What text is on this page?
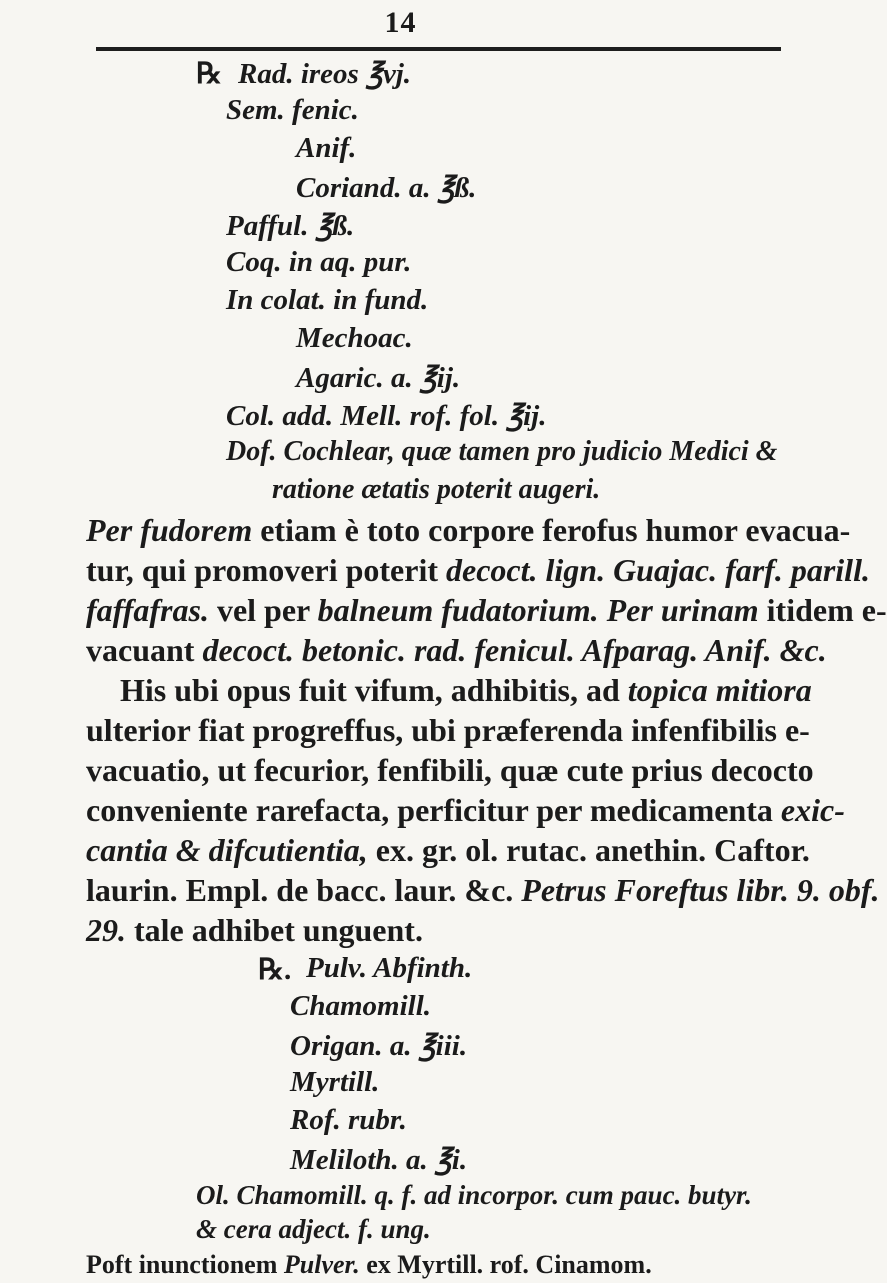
14
℞ Rad. ireos ℥vj.
Sem. fenic.
Anif.
Coriand. a. ℥ß.
Pafful. ℥ß.
Coq. in aq. pur.
In colat. in fund.
Mechoac.
Agaric. a. ℥ij.
Col. add. Mell. rof. fol. ℥ij.
Dof. Cochlear, quæ tamen pro judicio Medici &
ratione ætatis poterit augeri.
Per fudorem etiam è toto corpore ferofus humor evacua-
tur, qui promoveri poterit decoct. lign. Guajac. farf. parill.
faffafras. vel per balneum fudatorium. Per urinam itidem e-
vacuant decoct. betonic. rad. fenicul. Afparag. Anif. &c.
His ubi opus fuit vifum, adhibitis, ad topica mitiora
ulterior fiat progreffus, ubi præferenda infenfibilis e-
vacuatio, ut fecurior, fenfibili, quæ cute prius decocto
conveniente rarefacta, perficitur per medicamenta exic-
cantia & difcutientia, ex. gr. ol. rutac. anethin. Caftor.
laurin. Empl. de bacc. laur. &c. Petrus Foreftus libr. 9. obf.
29. tale adhibet unguent.
℞. Pulv. Abfinth.
Chamomill.
Origan. a. ℥iii.
Myrtill.
Rof. rubr.
Meliloth. a. ℥i.
Ol. Chamomill. q. f. ad incorpor. cum pauc. butyr.
& cera adject. f. ung.
Poft inunctionem Pulver. ex Myrtill. rof. Cinamom.
